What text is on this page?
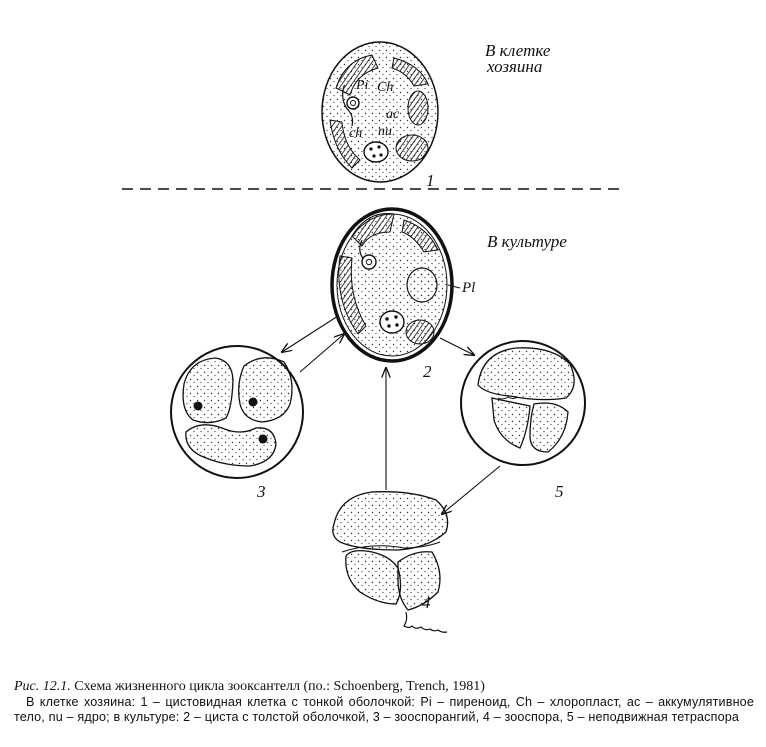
Pi Ch
ac
ch nu
В клетке
хозяина
1
В культуре
Pl
2
3	5
4
Рис. 12.1. Схема жизненного цикла зооксантелл (по.: Schoenberg, Trench, 1981)
В клетке хозяина: 1 – цистовидная клетка с тонкой оболочкой: Pi – пиреноид, Ch – хлоропласт, ac – аккумулятивное тело, nu – ядро; в культуре: 2 – циста с толстой оболочкой, 3 – зооспорангий, 4 – зооспора, 5 – неподвижная тетраспора
